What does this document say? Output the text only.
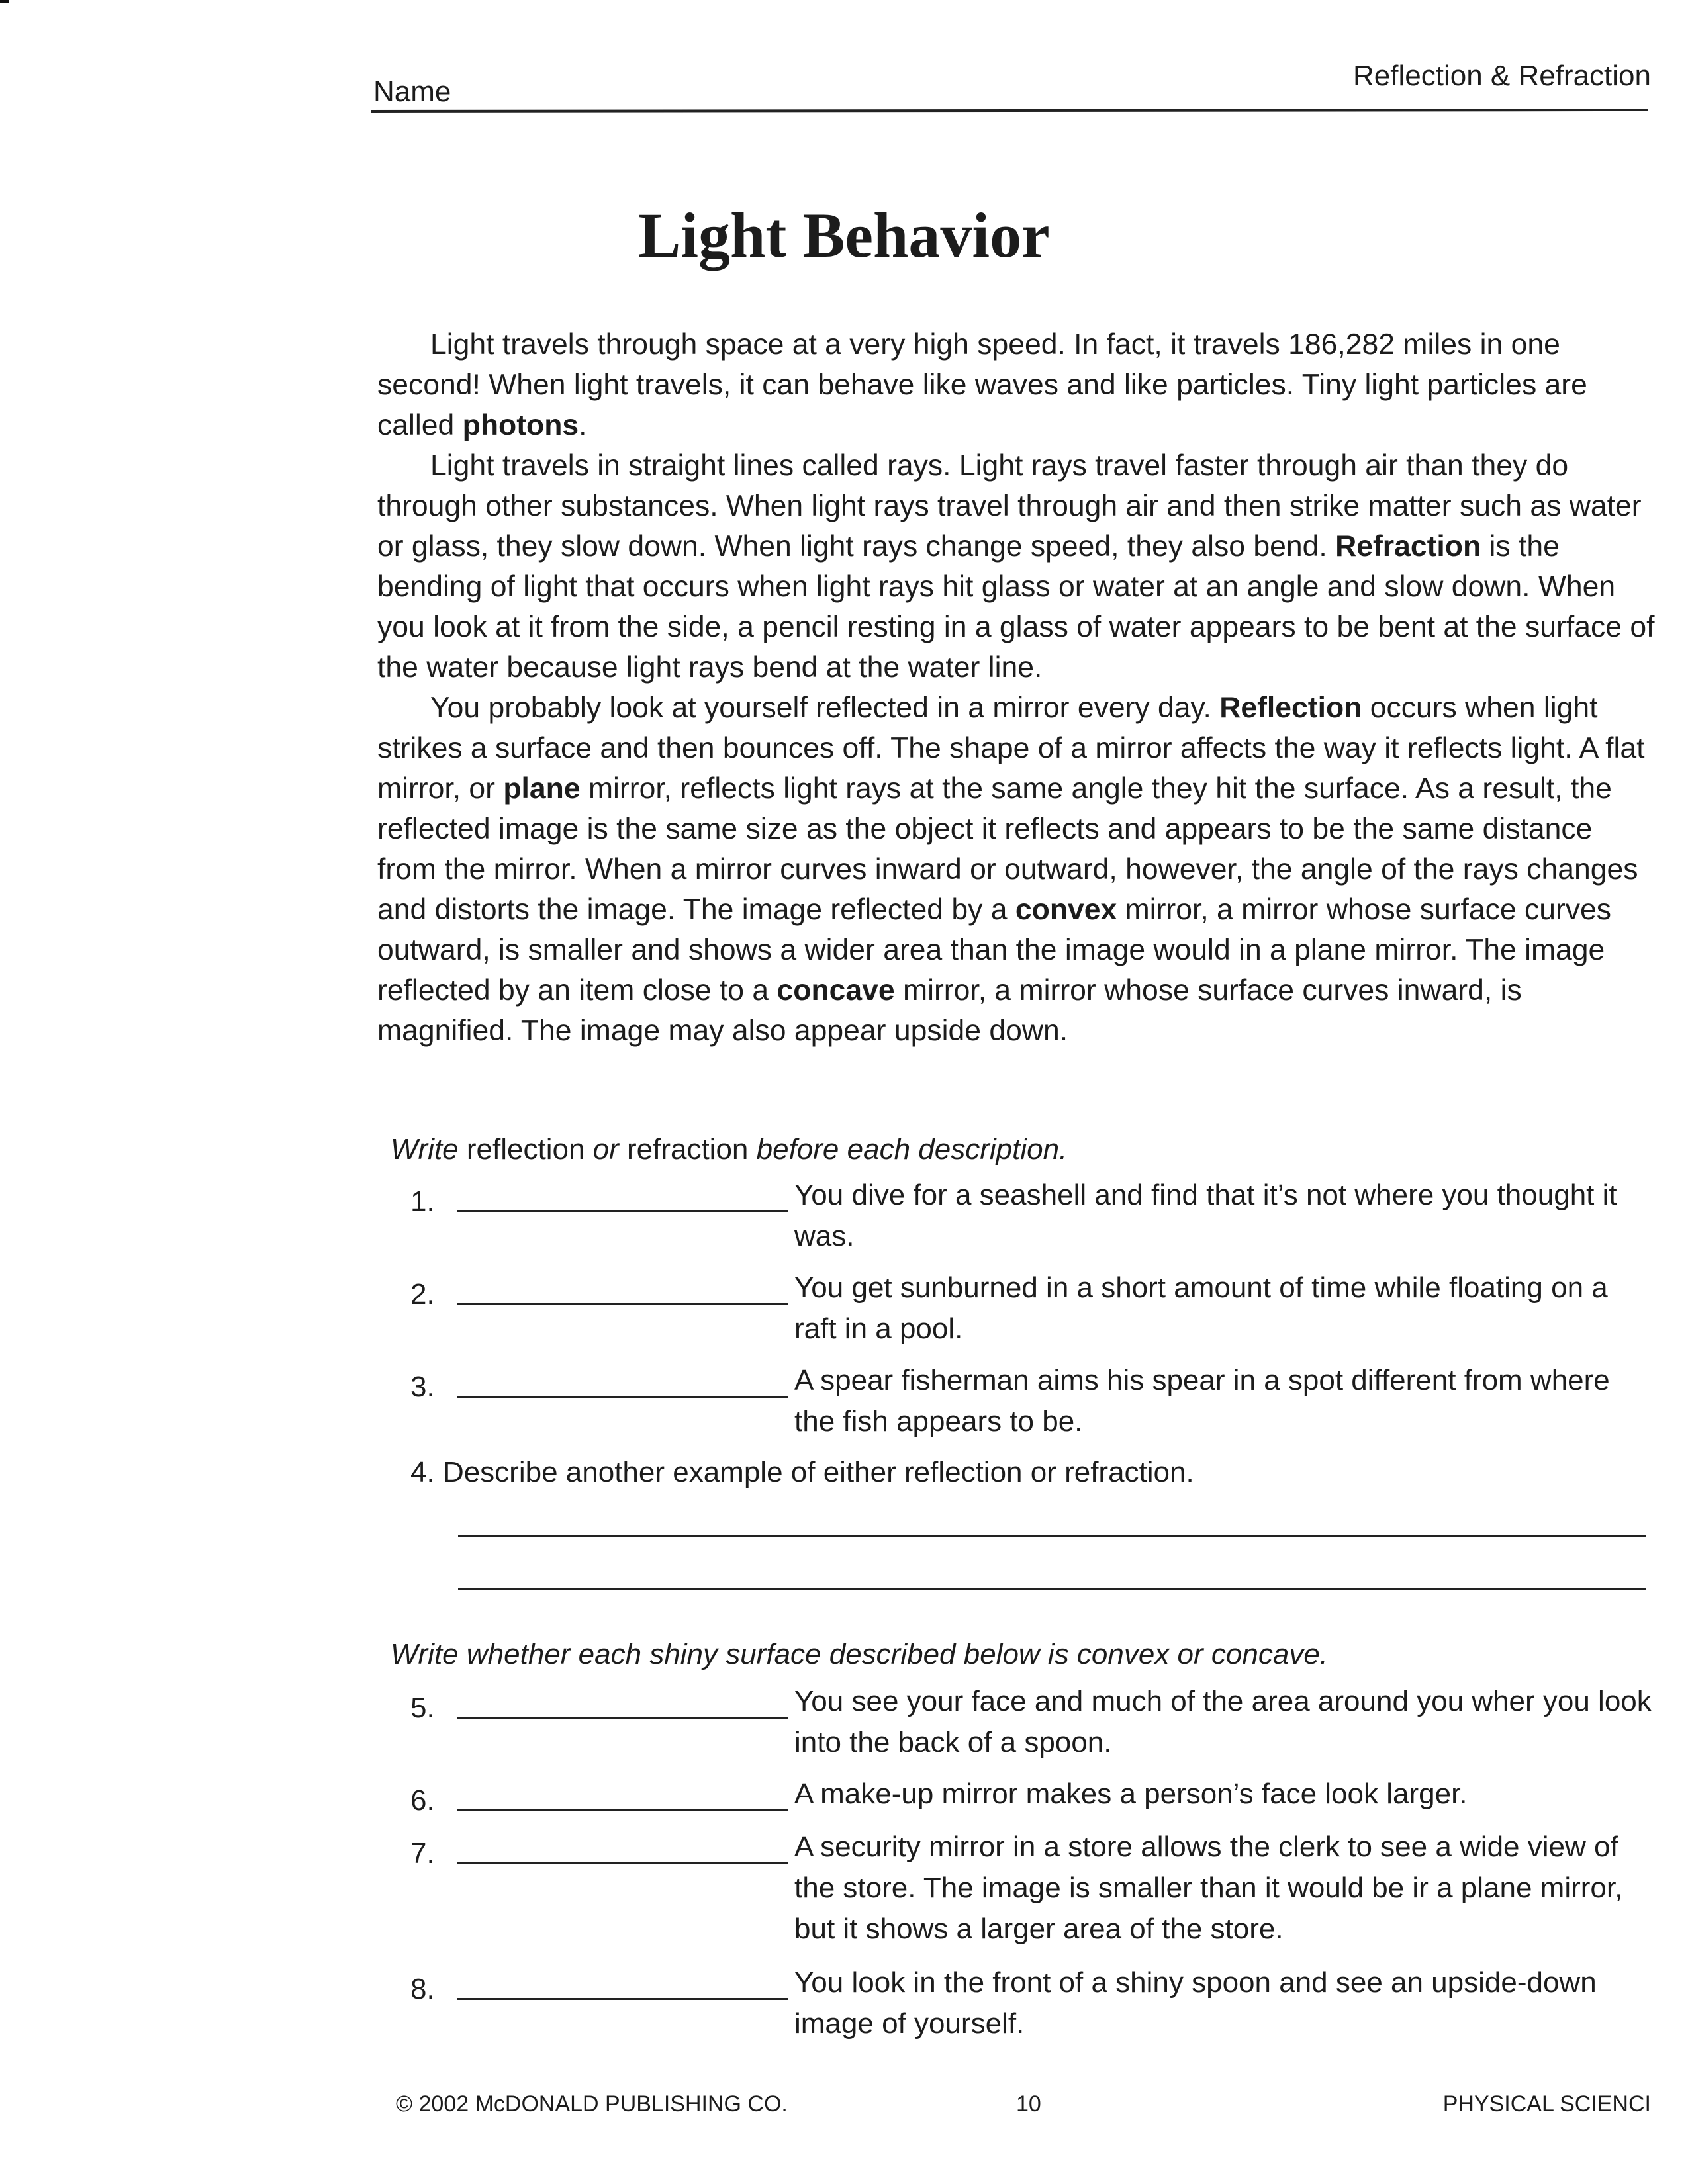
Name	Reflection & Refraction
Light Behavior

Light travels through space at a very high speed. In fact, it travels 186,282 miles in one second! When light travels, it can behave like waves and like particles. Tiny light particles are called photons.

Light travels in straight lines called rays. Light rays travel faster through air than they do through other substances. When light rays travel through air and then strike matter such as water or glass, they slow down. When light rays change speed, they also bend. Refraction is the bending of light that occurs when light rays hit glass or water at an angle and slow down. When you look at it from the side, a pencil resting in a glass of water appears to be bent at the surface of the water because light rays bend at the water line.

You probably look at yourself reflected in a mirror every day. Reflection occurs when light strikes a surface and then bounces off. The shape of a mirror affects the way it reflects light. A flat mirror, or plane mirror, reflects light rays at the same angle they hit the surface. As a result, the reflected image is the same size as the object it reflects and appears to be the same distance from the mirror. When a mirror curves inward or outward, however, the angle of the rays changes and distorts the image. The image reflected by a convex mirror, a mirror whose surface curves outward, is smaller and shows a wider area than the image would in a plane mirror. The image reflected by an item close to a concave mirror, a mirror whose surface curves inward, is magnified. The image may also appear upside down.

Write reflection or refraction before each description.
1.	You dive for a seashell and find that it’s not where you thought it was.
2.	You get sunburned in a short amount of time while floating on a raft in a pool.
3.	A spear fisherman aims his spear in a spot different from where the fish appears to be.
4. Describe another example of either reflection or refraction.
Write whether each shiny surface described below is convex or concave.
5.	You see your face and much of the area around you wher you look into the back of a spoon.
6.	A make-up mirror makes a person’s face look larger.
7.	A security mirror in a store allows the clerk to see a wide view of the store. The image is smaller than it would be ir a plane mirror, but it shows a larger area of the store.
8.	You look in the front of a shiny spoon and see an upside-down image of yourself.
© 2002 McDONALD PUBLISHING CO.	10	PHYSICAL SCIENCI
